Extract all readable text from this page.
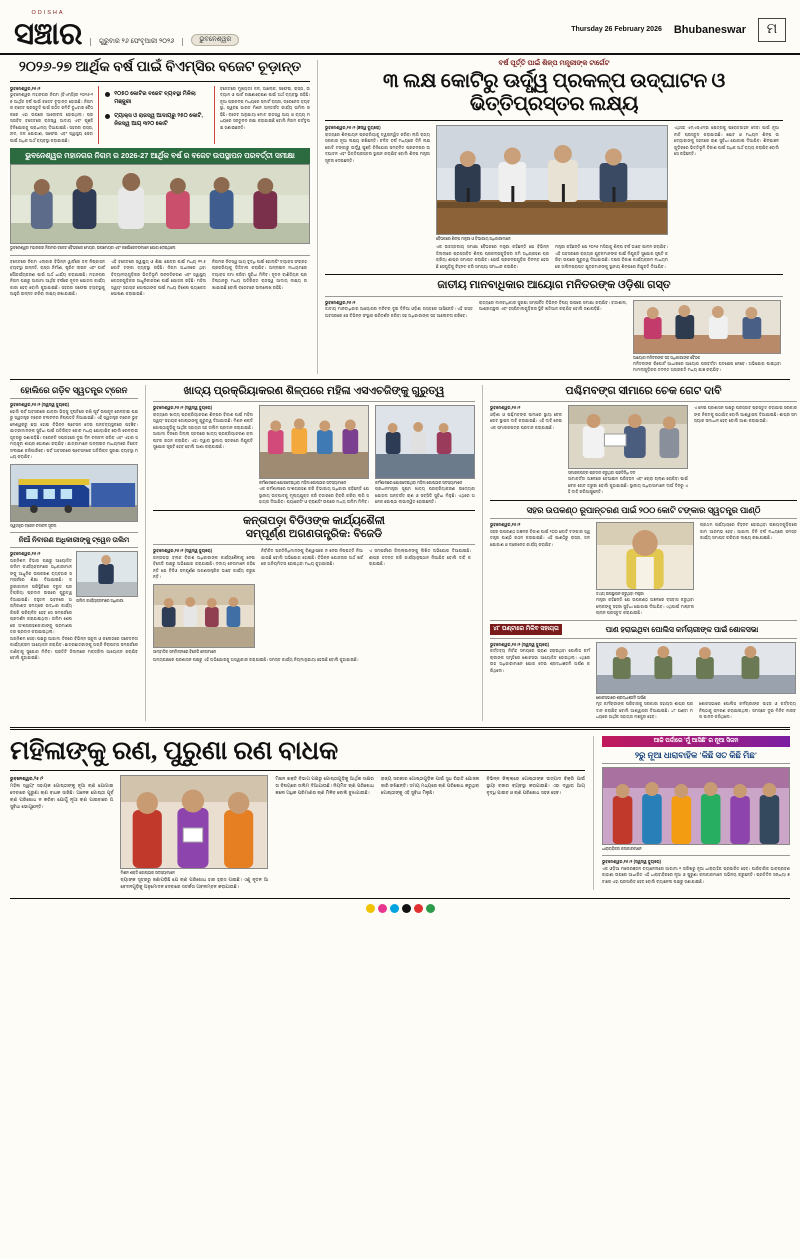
ODISHA
ସଞ୍ଚାର	ଗୁରୁବାର ୨୬ ଫେବୃଆରୀ ୨୦୨୬	ଭୁବନେଶ୍ୱର
Thursday 26 February 2026 Bhubaneswar	ମ
୨୦୨୬-୨୭ ଆର୍ଥିକ ବର୍ଷ ପାଇଁ ବିଏମ୍‌ସିର ବଜେଟ ଚୂଡ଼ାନ୍ତ
ଭୁବନେଶ୍ୱର,୨୫।୨
ଭୁବନେଶ୍ୱର ମହାନଗର ନିଗମ (ବିଏମ୍‌ସି)ର ୨୦୨୬-୨୭ ଆର୍ଥିକ ବର୍ଷ ପାଇଁ ବଜେଟ ଚୂଡ଼ାନ୍ତ ହୋଇଛି। ନିଗମର ବଜେଟ ପ୍ରସ୍ତୁତି ପାଇଁ ଗଠିତ କମିଟି ବୁଧବାର ବୈଠକରେ ଏହା ଉପରେ ଆଲୋଚନା ହୋଇଥିଲା। ପ୍ରସ୍ତାବିତ ବଜେଟରେ ରାଜସ୍ୱ ଆଦାୟ ଏବଂ ପୂଞ୍ଜି ବିନିଯୋଗକୁ ପ୍ରାଧାନ୍ୟ ଦିଆଯାଇଛି। ସହରର ରାସ୍ତା, ନାଳ, ଜଳ ଯୋଗାଣ, ସଫେଇ ଏବଂ ସ୍ୱାସ୍ଥ୍ୟ ସେବା ପାଇଁ ଅଧିକ ଅର୍ଥ ବ୍ୟବସ୍ଥା କରାଯାଇଛି।
୧୦୫୦ କୋଟିର ବଜେଟ ବ୍ୟବସ୍ଥା ମିଳିଲା ମଞ୍ଜୁରୀ
ଟ୍ୟାକ୍ସ ଓ ରାଜସ୍ୱ ଆଦାୟରୁ ୨୫୦ କୋଟି, ନିଜସ୍ୱ ଆୟ ୩୨୦ କୋଟି
ବଜେଟରେ ମୁଖ୍ୟତଃ ଜଳ, ଆଲୋକ, ସଫେଇ, ରାସ୍ତା, ଉଦ୍ୟାନ ଓ ପାର୍କ ରକ୍ଷଣାବେକ୍ଷଣ ପାଇଁ ଅର୍ଥ ବ୍ୟବସ୍ଥା ରହିଛି। ନୂଆ ପ୍ରକଳ୍ପ ମଧ୍ୟରେ ସ୍ମାର୍ଟ ରାସ୍ତା, ଡ୍ରେନେଜ ବ୍ୟବସ୍ଥା, ସ୍ୱଚ୍ଛ ଭାରତ ମିଶନ ଅନ୍ତର୍ଗତ କାର୍ଯ୍ୟ ସାମିଲ ରହିଛି। ବଜେଟ ଅନୁଯାୟୀ ମୋଟ ରାଜସ୍ୱ ଆୟ ଓ ବ୍ୟୟ ମଧ୍ୟରେ ସନ୍ତୁଳନ ରକ୍ଷା କରାଯାଇଛି ବୋଲି ନିଗମ କର୍ତ୍ତୃପକ୍ଷ ଜଣାଇଛନ୍ତି।
ଭୁବନେଶ୍ୱର ମହାନଗର ନିଗମ ର 2026-27 ଆର୍ଥିକ ବର୍ଷ ର ବଜେଟ ଉପସ୍ଥାପନ ପରବର୍ତ୍ତୀ ସମୀକ୍ଷା
ଭୁବନେଶ୍ୱର ମହାନଗର ନିଗମର ବଜେଟ ବୈଠକରେ ମେୟର, ଉପମେୟର ଏବଂ କର୍ପୋରେଟରମାନେ ଯୋଗ ଦେଇଥିଲେ
ବଜେଟରେ ନିଗମ ଏଲାକାର ବିଭିନ୍ନ ୱାର୍ଡରେ ଜଳ ନିଷ୍କାସନ ବ୍ୟବସ୍ଥା ଉନ୍ନତି, ରାସ୍ତା ନିର୍ମାଣ, ଷ୍ଟ୍ରିଟ ଲାଇଟ ଏବଂ ପାର୍କ ସୌନ୍ଦର୍ଯ୍ୟକରଣ ପାଇଁ ଅର୍ଥ ଧାର୍ଯ୍ୟ କରାଯାଇଛି। ମହାନଗର ନିଗମ ପକ୍ଷରୁ ଆଗାମୀ ଆର୍ଥିକ ବର୍ଷରେ ନୂତନ ଯୋଜନା କାର୍ଯ୍ୟକାରୀ ହେବ ବୋଲି କୁହାଯାଇଛି। ସହରର ସଫେଇ ବ୍ୟବସ୍ଥାକୁ ଆହୁରି ଉନ୍ନତ କରିବା ଲକ୍ଷ୍ୟ ରଖାଯାଇଛି।
ଏହି ବଜେଟରେ ସ୍ୱାସ୍ଥ୍ୟ ଓ ଶିକ୍ଷା କ୍ଷେତ୍ର ପାଇଁ ମଧ୍ୟ ୧୨.୫ କୋଟି ଟଙ୍କା ବ୍ୟବସ୍ଥା ରହିଛି। ନିଗମ ଅଧୀନରେ ଥିବା ବିଦ୍ୟାଳୟଗୁଡ଼ିକର ଭିତ୍ତିଭୂମି ଉନ୍ନତିକରଣ ଏବଂ ସ୍ୱାସ୍ଥ୍ୟ କେନ୍ଦ୍ରଗୁଡ଼ିକର ଆଧୁନିକୀକରଣ ପାଇଁ ଯୋଜନା ରହିଛି। ମହିଳା ସ୍ୱୟଂ ସହାୟକ ଗୋଷ୍ଠୀଙ୍କ ପାଇଁ ମଧ୍ୟ ବିଶେଷ ପ୍ୟାକେଜ ଘୋଷଣା କରାଯାଇଛି।
ନିଗମର ନିଜସ୍ୱ ଆୟ ବୃଦ୍ଧି ପାଇଁ ହୋଲ୍ଡିଂ ଟ୍ୟାକ୍ସ ସଂଗ୍ରହ ପ୍ରକ୍ରିୟାକୁ ଡିଜିଟାଲ କରାଯିବ। ଅନ୍‌ଲାଇନ ମାଧ୍ୟମରେ ଟ୍ୟାକ୍ସ ଜମା କରିବା ସୁବିଧା ମିଳିବ। ନୂତନ ବାଣିଜ୍ୟିକ ପ୍ରତିଷ୍ଠାନରୁ ମଧ୍ୟ ଅତିରିକ୍ତ ରାଜସ୍ୱ ଆଦାୟ ଲକ୍ଷ୍ୟ ରଖାଯାଇଛି ବୋଲି ବଜେଟରେ ଉଲ୍ଲେଖ ରହିଛି।
ବର୍ଷ ପୂର୍ତ୍ତି ପାଇଁ ଶିଳ୍ପ ମନ୍ତ୍ରୀଙ୍କ ଟାର୍ଗେଟ
୩ ଲକ୍ଷ କୋଟିରୁ ଊର୍ଦ୍ଧ୍ୱ ପ୍ରକଳ୍ପ ଉଦ୍‌ଘାଟନ ଓ ଭିତ୍ତିପ୍ରସ୍ତର ଲକ୍ଷ୍ୟ
ଭୁବନେଶ୍ୱର,୨୫।୨ (ଞ୍ଚସ୍ୱ ବ୍ୟୁରୋ)
ରାଜ୍ୟରେ ଶିଳ୍ପାୟନ ପ୍ରକ୍ରିୟାକୁ ତ୍ୱରାନ୍ୱିତ କରିବା ଲାଗି ରାଜ୍ୟ ସରକାର ନୂଆ ଲକ୍ଷ୍ୟ ରଖିଛନ୍ତି। ଚଳିତ ବର୍ଷ ମଧ୍ୟରେ ତିନି ଲକ୍ଷ କୋଟି ଟଙ୍କାରୁ ଊର୍ଦ୍ଧ୍ୱ ପୁଞ୍ଜି ବିନିଯୋଗ ସମ୍ବଳିତ ପ୍ରକଳ୍ପର ଉଦ୍‌ଘାଟନ ଏବଂ ଭିତ୍ତିପ୍ରସ୍ତର ସ୍ଥାପନ କରାଯିବ ବୋଲି ଶିଳ୍ପ ମନ୍ତ୍ରୀ ସୂଚନା ଦେଇଛନ୍ତି।
ବୈଠକରେ ଶିଳ୍ପ ମନ୍ତ୍ରୀ ଓ ବିଭାଗୀୟ ଅଧିକାରୀମାନେ
ଏକ ଉଚ୍ଚସ୍ତରୀୟ ସମୀକ୍ଷା ବୈଠକରେ ମନ୍ତ୍ରୀ କହିଛନ୍ତି ଯେ ବିଭିନ୍ନ ଜିଲ୍ଲାରେ ପ୍ରସ୍ତାବିତ ଶିଳ୍ପ ପ୍ରକଳ୍ପଗୁଡ଼ିକର ଜମି ଅଧିଗ୍ରହଣ ପ୍ରକ୍ରିୟା ଶୀଘ୍ର ସମାପ୍ତ କରାଯିବ। ଯେଉଁ ପ୍ରକଳ୍ପଗୁଡ଼ିକ ବିଳମ୍ବ ହେଉଛି ସେଗୁଡ଼ିକୁ ଚିହ୍ନଟ କରି ସମସ୍ୟା ସମାଧାନ କରାଯିବ।
ମନ୍ତ୍ରୀ କହିଛନ୍ତି ଯେ ୨୦୨୬ ମସିହାକୁ ଶିଳ୍ପ ବର୍ଷ ଭାବେ ପାଳନ କରାଯିବ। ଏହି ଅବସରରେ ରାଜ୍ୟର ଯୁବକମାନଙ୍କ ପାଇଁ ନିଯୁକ୍ତି ସୁଯୋଗ ସୃଷ୍ଟି କରିବା ଉପରେ ଗୁରୁତ୍ୱ ଦିଆଯାଉଛି। ଦକ୍ଷତା ବିକାଶ କାର୍ଯ୍ୟକ୍ରମ ମାଧ୍ୟମରେ ତାଲିମପ୍ରାପ୍ତ ଯୁବକମାନଙ୍କୁ ସ୍ଥାନୀୟ ଶିଳ୍ପରେ ନିଯୁକ୍ତି ଦିଆଯିବ।
ଏଥିସହ ଏମ୍‌ଏସ୍‌ଏମ୍‌ଇ କ୍ଷେତ୍ରକୁ ପ୍ରୋତ୍ସାହନ ଦେବା ପାଇଁ ନୂଆ ନୀତି ପ୍ରସ୍ତୁତ କରାଯାଉଛି। ଛୋଟ ଓ ମଧ୍ୟମ ଶିଳ୍ପ ଉଦ୍ୟୋଗୀଙ୍କୁ ସହଜରେ ଋଣ ସୁବିଧା ଯୋଗାଇ ଦିଆଯିବ। ଶିଳ୍ପାଞ୍ଚଳଗୁଡ଼ିକରେ ଭିତ୍ତିଭୂମି ବିକାଶ ପାଇଁ ଅଧିକ ଅର୍ଥ ବ୍ୟୟ କରାଯିବ ବୋଲି ସେ କହିଛନ୍ତି।
ଜାତୀୟ ମାନବାଧିକାର ଆୟୋଗ ମନିତରଙ୍କ ଓଡ଼ିଶା ଗସ୍ତ
ଭୁବନେଶ୍ୱର,୨୫।୨
ଜାତୀୟ ମାନବାଧିକାର ଆୟୋଗର ମନିଟର ଦୁଇ ଦିନିଆ ଓଡ଼ିଶା ଗସ୍ତରେ ଆସିଛନ୍ତି। ଏହି ଗସ୍ତ ଅବସରରେ ସେ ବିଭିନ୍ନ ସଂସ୍ଥାର ପରିଦର୍ଶନ କରିବା ସହ ଅଧିକାରୀଙ୍କ ସହ ଆଲୋଚନା କରିବେ।
ରାଜ୍ୟରେ ମାନବାଧିକାର ସୁରକ୍ଷା ସମ୍ପର୍କିତ ବିଭିନ୍ନ ବିଷୟ ଉପରେ ସମୀକ୍ଷା କରାଯିବ। ବନ୍ଦୀଶାଳା, ଆଶ୍ରୟସ୍ଥଳୀ ଏବଂ ହସ୍ପିଟାଲଗୁଡ଼ିକର ସ୍ଥିତି ଖତିଆନ କରାଯିବ ବୋଲି ଜଣାପଡ଼ିଛି।
ଆୟୋଗ ମନିଟରଙ୍କ ସହ ଅଧିକାରୀଙ୍କ ବୈଠକ
ମନିଟରଙ୍କ ରିପୋର୍ଟ ଆଧାରରେ ଆୟୋଗ ପରବର୍ତ୍ତୀ ପଦକ୍ଷେପ ନେବେ। ଅଭିଯୋଗ ପାଇଥିବା ମାମଲାଗୁଡ଼ିକର ତଦନ୍ତ ଅଗ୍ରଗତି ମଧ୍ୟ ଯାଞ୍ଚ କରାଯିବ।
ହୋଲିରେ ଗଡ଼ିବ ସ୍ୱତନ୍ତ୍ର ଟ୍ରେନ
ଭୁବନେଶ୍ୱର,୨୫।୨ (ସ୍ୱସ୍ୱ ବ୍ୟୁରୋ)
ହୋଲି ପର୍ବ ଅବସରରେ ଯାତ୍ରୀ ଭିଡ଼କୁ ଦୃଷ୍ଟିରେ ରଖି ପୂର୍ବ ଉପକୂଳ ରେଳବାଇ ପକ୍ଷରୁ ସ୍ୱତନ୍ତ୍ର ଟ୍ରେନ ଚଳାଚଳର ନିଷ୍ପତ୍ତି ନିଆଯାଇଛି। ଏହି ସ୍ୱତନ୍ତ୍ର ଟ୍ରେନ ଭୁବନେଶ୍ୱରରୁ ଛଡ଼ା ହୋଇ ବିଭିନ୍ନ ଷ୍ଟେସନ ଦେଇ ଗନ୍ତବ୍ୟସ୍ଥଳରେ ପହଞ୍ଚିବ। ଯାତ୍ରୀମାନଙ୍କ ସୁବିଧା ପାଇଁ ଅତିରିକ୍ତ କୋଚ ମଧ୍ୟ ଯୋଡ଼ାଯିବ ବୋଲି ରେଳବାଇ ସୂତ୍ରରୁ ଜଣାପଡ଼ିଛି। ଟ୍ରେନଟି ସପ୍ତାହରେ ଦୁଇ ଦିନ ଚଳାଚଳ କରିବ ଏବଂ ଏହାର ସମୟସୂଚୀ ଶୀଘ୍ର ଘୋଷଣା କରାଯିବ। ଯାତ୍ରୀମାନେ ଅନ୍‌ଲାଇନ ମାଧ୍ୟମରେ ଟିକେଟ ସଂରକ୍ଷଣ କରିପାରିବେ। ପର୍ବ ଅବସରରେ ଷ୍ଟେସନରେ ଅତିରିକ୍ତ ସୁରକ୍ଷା ବ୍ୟବସ୍ଥା ମଧ୍ୟ କରାଯିବ।
ସ୍ୱତନ୍ତ୍ର ଟ୍ରେନ ଚଳାଚଳ ସୂଚନା
ନିଆଁ ନିବାରଣ ଅଧିକାରୀଙ୍କୁ ଟ୍ୱେନ ତାଲିମ
ଭୁବନେଶ୍ୱର,୨୫।୨
ଅଗ୍ନିଶମ ବିଭାଗ ପକ୍ଷରୁ ଆୟୋଜିତ ତାଲିମ କାର୍ଯ୍ୟକ୍ରମରେ ଅଧିକାରୀମାନଙ୍କୁ ଆଧୁନିକ ଉପକରଣ ବ୍ୟବହାର ସମ୍ପର୍କରେ ଶିକ୍ଷା ଦିଆଯାଇଛି। ଜରୁରୀକାଳୀନ ପରିସ୍ଥିତିରେ ଦ୍ରୁତ ପ୍ରତିକ୍ରିୟା ପ୍ରଦାନ ଉପରେ ଗୁରୁତ୍ୱ ଦିଆଯାଇଛି। ବହୁତଳ ଭବନରେ ଅଗ୍ନିକାଣ୍ଡ ସମୟରେ ଉଦ୍ଧାର କାର୍ଯ୍ୟ କିପରି ପରିଚାଳିତ ହେବ ସେ ସମ୍ପର୍କରେ ପ୍ରଦର୍ଶନ କରାଯାଇଥିଲା। ତାଲିମ ଶେଷରେ ଅଂଶଗ୍ରହଣକାରୀଙ୍କୁ ପ୍ରମାଣପତ୍ର ପ୍ରଦାନ କରାଯାଇଥିଲା।
ତାଲିମ କାର୍ଯ୍ୟକ୍ରମରେ ଅଧିକାରୀ
ଅଗ୍ନିଶମ ସେବା ପକ୍ଷରୁ ଆଗାମୀ ଦିନରେ ବିଭିନ୍ନ ସ୍କୁଲ ଓ କଲେଜରେ ସଚେତନତା କାର୍ଯ୍ୟକ୍ରମ ଆୟୋଜନ କରାଯିବ। ଛାତ୍ରଛାତ୍ରୀଙ୍କୁ ଅଗ୍ନି ନିରାପତ୍ତା ସମ୍ପର୍କରେ ଜାଣିବାକୁ ସୁଯୋଗ ମିଳିବ। ପ୍ରତିଟି ଜିଲ୍ଲାରେ ମକ୍‌ଡ୍ରିଲ ଆୟୋଜନ କରାଯିବ ବୋଲି କୁହାଯାଇଛି।
ଖାଦ୍ୟ ପ୍ରକ୍ରିୟାକରଣ ଶିଳ୍ପରେ ମହିଳା ଏସଏଚଜିଙ୍କୁ ଗୁରୁତ୍ୱ
ଭୁବନେଶ୍ୱର,୨୫।୨ (ସ୍ୱସ୍ୱ ବ୍ୟୁରୋ)
ରାଜ୍ୟରେ ଖାଦ୍ୟ ପ୍ରକ୍ରିୟାକରଣ ଶିଳ୍ପର ବିକାଶ ପାଇଁ ମହିଳା ସ୍ୱୟଂ ସହାୟକ ଗୋଷ୍ଠୀଙ୍କୁ ଗୁରୁତ୍ୱ ଦିଆଯାଉଛି। ମିଶନ ଶକ୍ତି ଗୋଷ୍ଠୀଗୁଡ଼ିକୁ ଆର୍ଥିକ ସହାୟତା ସହ ତାଲିମ ପ୍ରଦାନ କରାଯାଉଛି।
ଆଗାମୀ ଦିନରେ ଜିଲ୍ଲା ସ୍ତରରେ ଖାଦ୍ୟ ପ୍ରକ୍ରିୟାକରଣ କ୍ଲଷ୍ଟର ଗଠନ କରାଯିବ। ଏହା ଦ୍ୱାରା ସ୍ଥାନୀୟ ସ୍ତରରେ ନିଯୁକ୍ତି ସୁଯୋଗ ସୃଷ୍ଟି ହେବ ବୋଲି ଆଶା କରାଯାଉଛି।
କର୍ମଶାଳାରେ ଯୋଗଦେଇଥିବା ମହିଳା ଗୋଷ୍ଠୀର ସଦସ୍ୟାମାନେ
ଏକ କର୍ମଶାଳାରେ ଅଂଶଗ୍ରହଣ କରି ବିଭାଗୀୟ ଅଧିକାରୀ କହିଛନ୍ତି ଯେ ସ୍ଥାନୀୟ ଉତ୍ପାଦକୁ ମୂଲ୍ୟଯୁକ୍ତ କରି ବଜାରରେ ବିକ୍ରି କରିବା ଲାଗି ସହାୟତା ଦିଆଯିବ। ପ୍ୟାକେଜିଂ ଓ ବ୍ରାଣ୍ଡିଂ ଉପରେ ମଧ୍ୟ ତାଲିମ ମିଳିବ।
କର୍ମଶାଳାରେ ଯୋଗଦେଇଥିବା ମହିଳା ଗୋଷ୍ଠୀର ସଦସ୍ୟାମାନେ
ପ୍ରଧାନମନ୍ତ୍ରୀ ସୂକ୍ଷ୍ମ ଖାଦ୍ୟ ପ୍ରକ୍ରିୟାକରଣ ଉଦ୍ୟୋଗ ଯୋଜନା ଅନ୍ତର୍ଗତ ଋଣ ଓ ସବ୍‌ସିଡି ସୁବିଧା ମିଳୁଛି। ଏଥିରେ ଅନେକ ଗୋଷ୍ଠୀ ଲାଭାନ୍ୱିତ ହୋଇଛନ୍ତି।
କନ୍ତାପଡ଼ା ବିଡିଓଙ୍କ କାର୍ଯ୍ୟଶୈଳୀ
ସମ୍ପୂର୍ଣ୍ଣ ଅଗଣତାନ୍ତ୍ରିକ: ବିଜେଡି
ଭୁବନେଶ୍ୱର,୨୫।୨ (ସ୍ୱସ୍ୱ ବ୍ୟୁରୋ)
କନ୍ତାପଡ଼ା ବ୍ଲକ ବିକାଶ ଅଧିକାରୀଙ୍କ କାର୍ଯ୍ୟଶୈଳୀକୁ ନେଇ ବିଜେଡି ପକ୍ଷରୁ ଅଭିଯୋଗ କରାଯାଇଛି। ଦଳୀୟ ନେତାମାନେ କହିଛନ୍ତି ଯେ ବିଡିଓ ସମ୍ପୂର୍ଣ୍ଣ ଅଗଣତାନ୍ତ୍ରିକ ଭାବେ କାର୍ଯ୍ୟ କରୁଛନ୍ତି।
ସାମ୍ବାଦିକ ସମ୍ମିଳନୀରେ ବିଜେଡି ନେତାମାନେ
ନିର୍ବାଚିତ ପ୍ରତିନିଧିମାନଙ୍କୁ ବିଶ୍ୱାସରେ ନ ନେଇ ନିଷ୍ପତ୍ତି ନିଆଯାଉଛି ବୋଲି ଅଭିଯୋଗ ହୋଇଛି। ବିଭିନ୍ନ ଯୋଜନାର ଅର୍ଥ ଖର୍ଚ୍ଚରେ ଅନିୟମିତତା ହୋଇଥିବା ମଧ୍ୟ କୁହାଯାଇଛି।
ଏ ସମ୍ପର୍କରେ ଜିଲ୍ଲାପାଳଙ୍କୁ ଲିଖିତ ଅଭିଯୋଗ ଦିଆଯାଇଛି। ଶୀଘ୍ର ତଦନ୍ତ କରି କାର୍ଯ୍ୟାନୁଷ୍ଠାନ ନିଆଯିବ ବୋଲି ଦାବି କରାଯାଇଛି।
ଅନ୍ୟପକ୍ଷରେ ପ୍ରଶାସନ ପକ୍ଷରୁ ଏହି ଅଭିଯୋଗକୁ ଅସ୍ୱୀକାର କରାଯାଇଛି। ସମସ୍ତ କାର୍ଯ୍ୟ ନିୟମାନୁଯାୟୀ ହେଉଛି ବୋଲି କୁହାଯାଇଛି।
ପଶ୍ଚିମବଙ୍ଗ ସୀମାରେ ଚେକ ଗେଟ ଦାବି
ଭୁବନେଶ୍ୱର,୨୫।୨
ଓଡ଼ିଶା ଓ ପଶ୍ଚିମବଙ୍ଗ ସୀମାରେ ସ୍ଥାୟୀ ଚେକ ଗେଟ ସ୍ଥାପନ ଦାବି କରାଯାଇଛି। ଏହି ଦାବି ନେଇ ଏକ ସ୍ମାରକପତ୍ର ପ୍ରଦାନ କରାଯାଇଛି।
ସ୍ମାରକପତ୍ର ପ୍ରଦାନ କରୁଥିବା ପ୍ରତିନିଧି ଦଳ
ସୀମାବର୍ତ୍ତୀ ଅଞ୍ଚଳରେ ବେଆଇନ ପରିବହନ ଏବଂ ଚୋରା ଚାଲାଣ ରୋକିବା ପାଇଁ ଚେକ ଗେଟ ଜରୁରୀ ବୋଲି କୁହାଯାଇଛି। ସ୍ଥାନୀୟ ଅଧିବାସୀମାନେ ଦୀର୍ଘ ଦିନରୁ ଏହି ଦାବି କରିଆସୁଛନ୍ତି।
ଏ ନେଇ ପ୍ରଶାସନ ପକ୍ଷରୁ ପ୍ରସ୍ତାବ ପ୍ରସ୍ତୁତ କରାଯାଇ ସରକାରଙ୍କ ନିକଟକୁ ପଠାଯିବ ବୋଲି ଆଶ୍ୱାସନା ଦିଆଯାଇଛି। ଶୀଘ୍ର ସମସ୍ୟାର ସମାଧାନ ହେବ ବୋଲି ଆଶା କରାଯାଉଛି।
ସହର ଉପକଣ୍ଠ ରୂପାନ୍ତରଣ ପାଇଁ ୨୦୦ କୋଟି ଟଙ୍କାର ସ୍ୱତନ୍ତ୍ର ପାଣ୍ଠି
ଭୁବନେଶ୍ୱର,୨୫।୨
ସହର ଉପକଣ୍ଠ ଅଞ୍ଚଳର ବିକାଶ ପାଇଁ ୨୦୦ କୋଟି ଟଙ୍କାର ସ୍ୱତନ୍ତ୍ର ପାଣ୍ଠି ଗଠନ କରାଯାଇଛି। ଏହି ପାଣ୍ଠିରୁ ରାସ୍ତା, ଜଳ ଯୋଗାଣ ଓ ଡ୍ରେନେଜ କାର୍ଯ୍ୟ କରାଯିବ।
ତଥ୍ୟ ଉପସ୍ଥାପନ କରୁଥିବା ମନ୍ତ୍ରୀ
ମନ୍ତ୍ରୀ କହିଛନ୍ତି ଯେ ଉପକଣ୍ଠ ଅଞ୍ଚଳରେ ବସବାସ କରୁଥିବା ଲୋକଙ୍କୁ ସହରୀ ସୁବିଧା ଯୋଗାଇ ଦିଆଯିବ। ଏଥିପାଇଁ ମାଷ୍ଟର ପ୍ଲାନ ପ୍ରସ୍ତୁତ କରାଯାଉଛି।
ପ୍ରଥମ ପର୍ଯ୍ୟାୟରେ ଚିହ୍ନଟ ହୋଇଥିବା ପଞ୍ଚାୟତଗୁଡ଼ିକରେ କାମ ଆରମ୍ଭ ହେବ। ଆଗାମୀ ତିନି ବର୍ଷ ମଧ୍ୟରେ ସମସ୍ତ କାର୍ଯ୍ୟ ସମାପ୍ତ କରିବାର ଲକ୍ଷ୍ୟ ରଖାଯାଇଛି।
୪୮ ଘଣ୍ଟାରେ ମିଳିବ ସହାୟତା	ପାଣ ହରାଇଥିବା ପୋଲିସ କର୍ମଚାରୀଙ୍କ ପାଇଁ ଶୋକସଭା
ଭୁବନେଶ୍ୱର,୨୫।୨ (ସ୍ୱସ୍ୱ ବ୍ୟୁରୋ)
କର୍ତ୍ତବ୍ୟ ନିର୍ବାହ ସମୟରେ ପ୍ରାଣ ହରାଇଥିବା ପୋଲିସ କର୍ମଚାରୀଙ୍କ ସ୍ମୃତିରେ ଶୋକସଭା ଆୟୋଜିତ ହୋଇଥିଲା। ଏଥିରେ ଉଚ୍ଚ ଅଧିକାରୀମାନେ ଯୋଗ ଦେଇ ଶ୍ରଦ୍ଧାଞ୍ଜଳି ଅର୍ପଣ କରିଥିଲେ।
ଶୋକସଭାରେ ଶ୍ରଦ୍ଧାଞ୍ଜଳି ଅର୍ପଣ
ମୃତ କର୍ମଚାରୀଙ୍କ ପରିବାରକୁ ସରକାରୀ ସହାୟତା ଶୀଘ୍ର ପ୍ରଦାନ କରାଯିବ ବୋଲି ଆଶ୍ୱାସନା ଦିଆଯାଇଛି। ୪୮ ଘଣ୍ଟା ମଧ୍ୟରେ ଆର୍ଥିକ ସହାୟତା ମଞ୍ଜୁର ହେବ।
ଶୋକସଭାରେ ପୋଲିସ କର୍ମଚାରୀଙ୍କ ସାହସ ଓ କର୍ତ୍ତବ୍ୟନିଷ୍ଠାକୁ ସ୍ମରଣ କରାଯାଇଥିଲା। ସମସ୍ତେ ଦୁଇ ମିନିଟ ନୀରବତା ପାଳନ କରିଥିଲେ।
ମହିଳାଙ୍କୁ ରଣ, ପୁରୁଣା ରଣ ବାଧକ
ଭୁବନେଶ୍ୱର,୨୫।୨
ମହିଳା ସ୍ୱୟଂ ସହାୟକ ଗୋଷ୍ଠୀଙ୍କୁ ନୂଆ ଋଣ ଯୋଗାଇ ଦେବାରେ ପୁରୁଣା ଋଣ ବାଧକ ସାଜିଛି। ଅନେକ ଗୋଷ୍ଠୀ ପୂର୍ବ ଋଣ ପରିଶୋଧ ନ କରିବା ଯୋଗୁଁ ନୂଆ ଋଣ ପାଇବାରେ ଅସୁବିଧା ଭୋଗୁଛନ୍ତି।
ମିଶନ ଶକ୍ତି ଗୋଷ୍ଠୀର ସଦସ୍ୟାମାନେ
ବ୍ୟାଙ୍କ ସୂତ୍ରରୁ ଜଣାପଡ଼ିଛି ଯେ ଋଣ ପରିଶୋଧ ହାର ହ୍ରାସ ପାଇଛି। ଏଣୁ ନୂତନ ଆବେଦନଗୁଡ଼ିକୁ ଅନୁମୋଦନ ଦେବାରେ ସତର୍କତା ଅବଲମ୍ବନ କରାଯାଉଛି।
ମିଶନ ଶକ୍ତି ବିଭାଗ ପକ୍ଷରୁ ଗୋଷ୍ଠୀଗୁଡ଼ିକୁ ଆର୍ଥିକ ସାକ୍ଷରତା ବିଷୟରେ ତାଲିମ ଦିଆଯାଉଛି। ନିୟମିତ ଋଣ ପରିଶୋଧ କଲେ ଅଧିକ ପରିମାଣର ଋଣ ମିଳିବ ବୋଲି ବୁଝାଯାଉଛି।
ରାଜ୍ୟ ସରକାର ଗୋଷ୍ଠୀଗୁଡ଼ିକ ପାଇଁ ସୁଧ ରିହାତି ଯୋଜନା ଜାରି ରଖିଛନ୍ତି। ସମୟ ମଧ୍ୟରେ ଋଣ ପରିଶୋଧ କରୁଥିବା ଗୋଷ୍ଠୀଙ୍କୁ ଏହି ସୁବିଧା ମିଳୁଛି।
ବିଭିନ୍ନ ଜିଲ୍ଲାରେ ଗୋଷ୍ଠୀଙ୍କ ଉତ୍ପାଦ ବିକ୍ରି ପାଇଁ ସ୍ଥାୟୀ ବଜାର ବ୍ୟବସ୍ଥା କରାଯାଉଛି। ଏହା ଦ୍ୱାରା ଆୟ ବୃଦ୍ଧି ପାଇବ ଓ ଋଣ ପରିଶୋଧ ସହଜ ହେବ।
ଆଜି ପର୍ଦ୍ଦାରେ 'ମୁଁ ଆସିଛି' ର ନୂଆ ସିଜନ
୨ରୁ ନୂଆ ଧାରାବାହିକ 'କିଛି ସତ କିଛି ମିଛ'
ଧାରାବାହିକର କଳାକାରମାନେ
ଭୁବନେଶ୍ୱର,୨୫।୨ (ସ୍ୱସ୍ୱ ବ୍ୟୁରୋ)
ଏକ ଓଡ଼ିଆ ମନୋରଞ୍ଜନ ଚ୍ୟାନେଲରେ ଆଗାମୀ ୨ ତାରିଖରୁ ନୂଆ ଧାରାବାହିକ ପ୍ରସାରିତ ହେବ। ପାରିବାରିକ ଭାବପ୍ରବଣ କାହାଣୀ ଉପରେ ଆଧାରିତ ଏହି ଧାରାବାହିକରେ ନୂଆ ଓ ପୁରୁଣା କଳାକାରମାନେ ଅଭିନୟ କରୁଛନ୍ତି। ପ୍ରତିଦିନ ସନ୍ଧ୍ୟା ୭ଟାରେ ଏହା ପ୍ରସାରିତ ହେବ ବୋଲି ଚ୍ୟାନେଲ ପକ୍ଷରୁ ଜଣାଯାଇଛି।
